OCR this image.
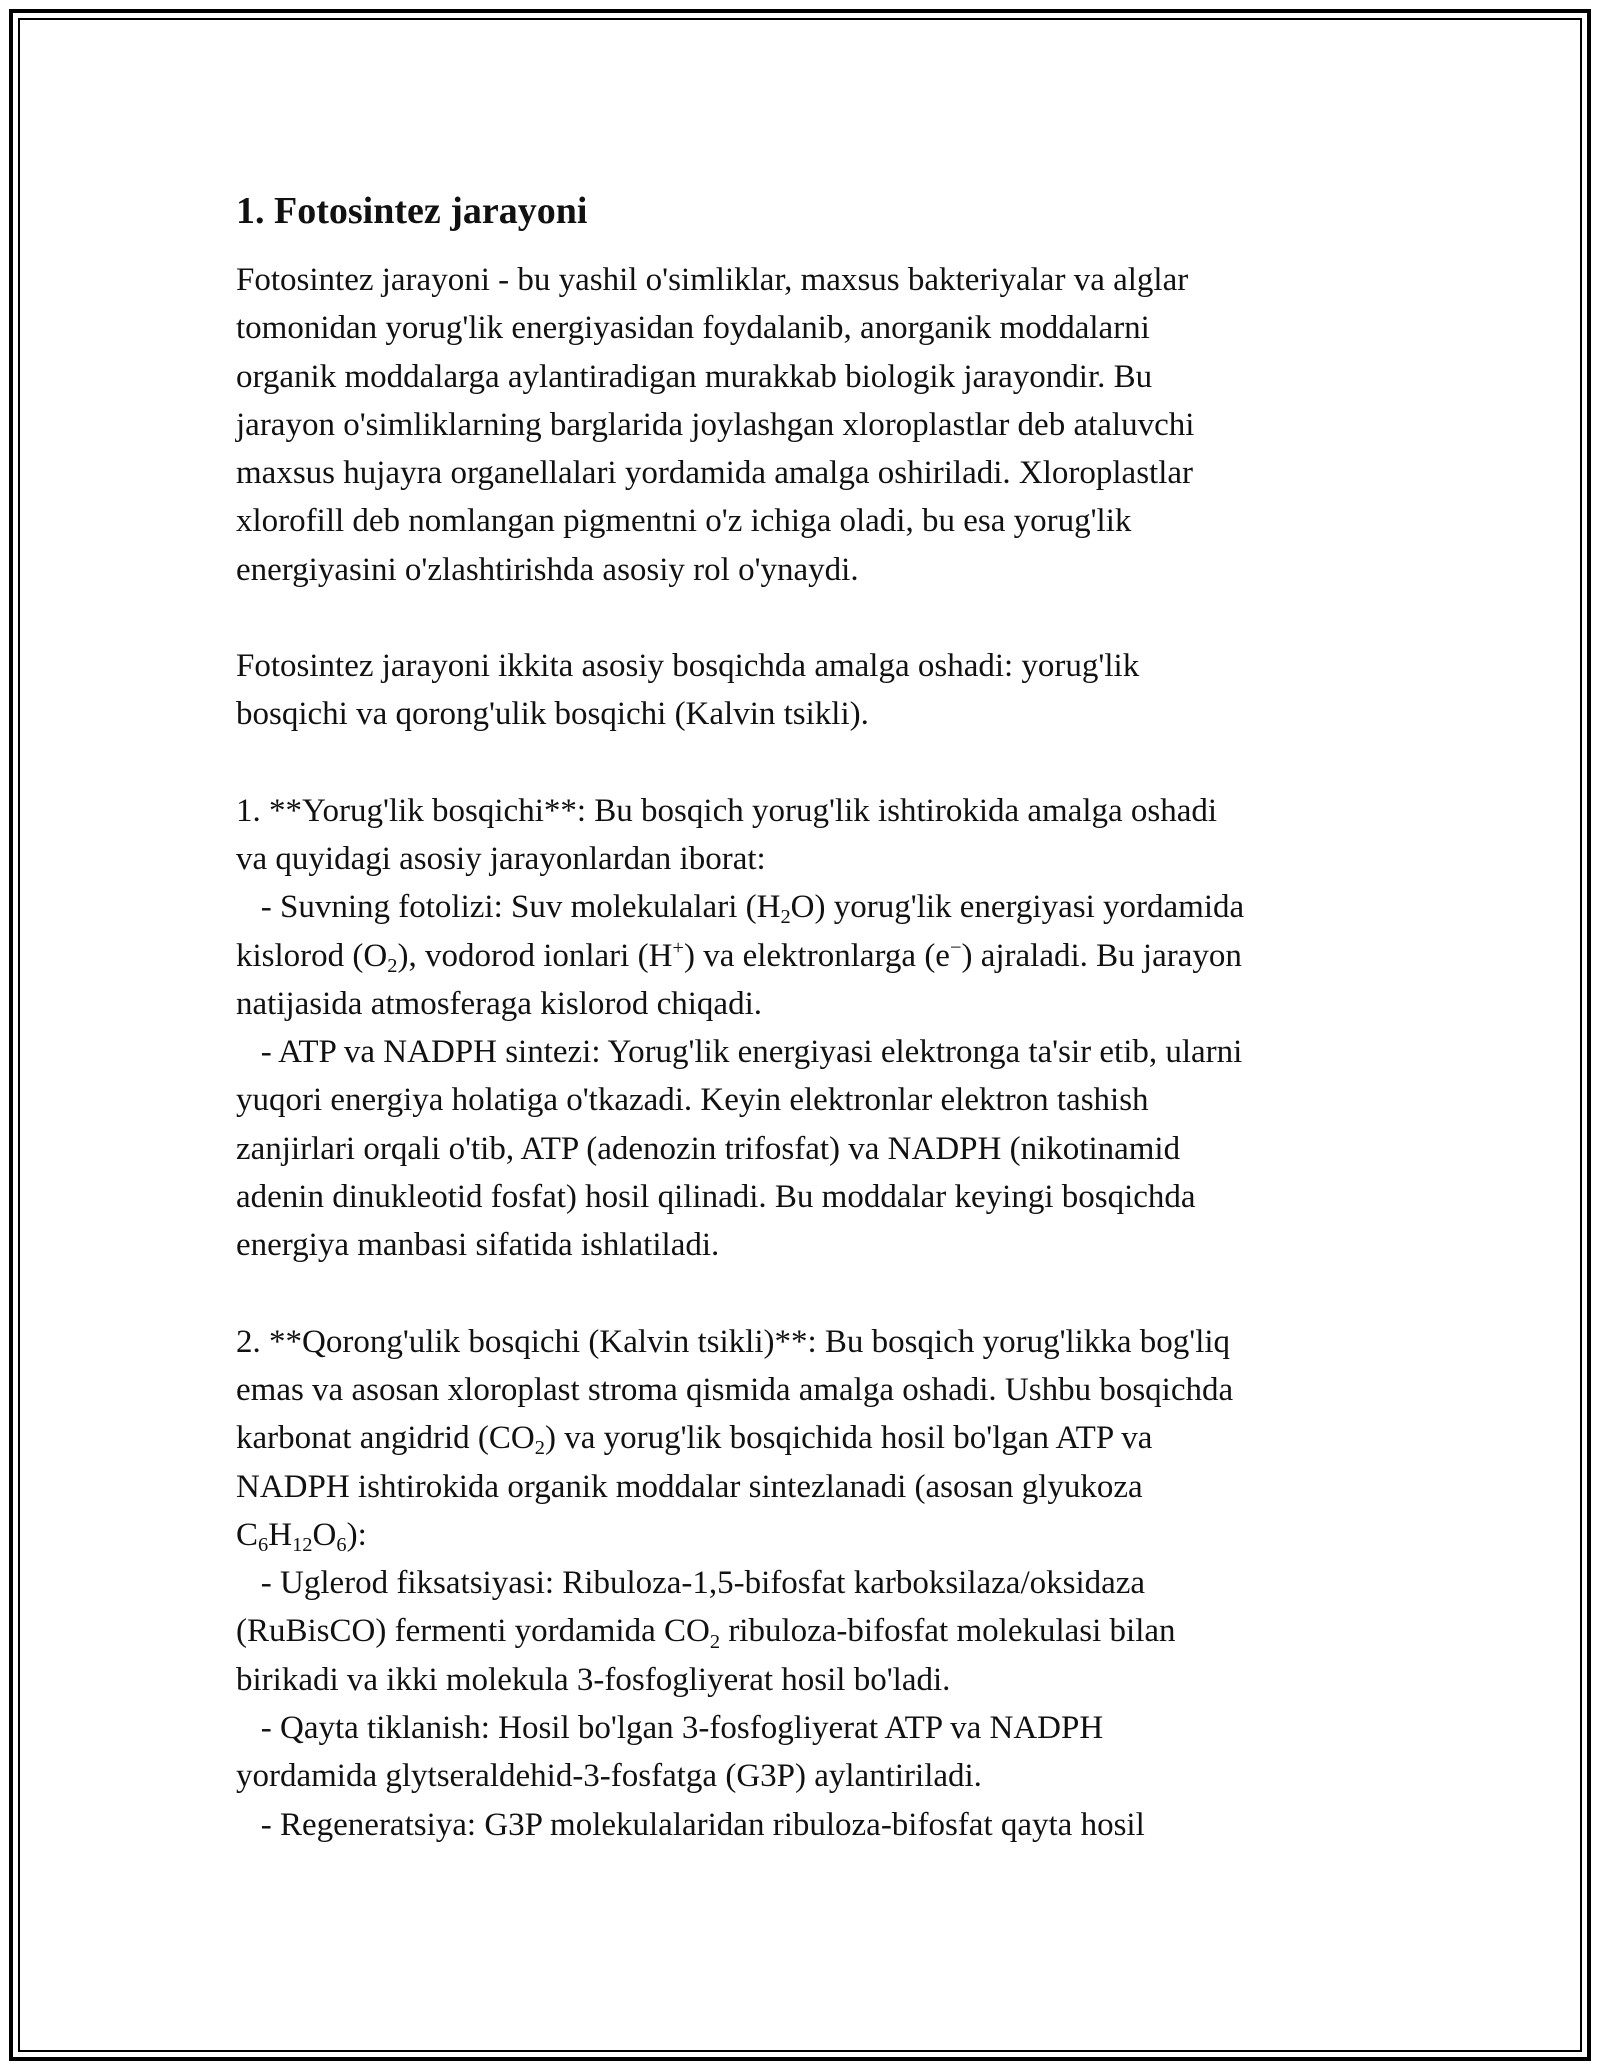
1. Fotosintez jarayoni
Fotosintez jarayoni - bu yashil o'simliklar, maxsus bakteriyalar va alglar
tomonidan yorug'lik energiyasidan foydalanib, anorganik moddalarni
organik moddalarga aylantiradigan murakkab biologik jarayondir. Bu
jarayon o'simliklarning barglarida joylashgan xloroplastlar deb ataluvchi
maxsus hujayra organellalari yordamida amalga oshiriladi. Xloroplastlar
xlorofill deb nomlangan pigmentni o'z ichiga oladi, bu esa yorug'lik
energiyasini o'zlashtirishda asosiy rol o'ynaydi.
Fotosintez jarayoni ikkita asosiy bosqichda amalga oshadi: yorug'lik
bosqichi va qorong'ulik bosqichi (Kalvin tsikli).
1. **Yorug'lik bosqichi**: Bu bosqich yorug'lik ishtirokida amalga oshadi
va quyidagi asosiy jarayonlardan iborat:
- Suvning fotolizi: Suv molekulalari $(H_2O)$ yorug'lik energiyasi yordamida
kislorod $(O_2)$, vodorod ionlari (H+) va elektronlarga (e−) ajraladi. Bu jarayon
natijasida atmosferaga kislorod chiqadi.
- ATP va NADPH sintezi: Yorug'lik energiyasi elektronga ta'sir etib, ularni
yuqori energiya holatiga o'tkazadi. Keyin elektronlar elektron tashish
zanjirlari orqali o'tib, ATP (adenozin trifosfat) va NADPH (nikotinamid
adenin dinukleotid fosfat) hosil qilinadi. Bu moddalar keyingi bosqichda
energiya manbasi sifatida ishlatiladi.
2. **Qorong'ulik bosqichi (Kalvin tsikli)**: Bu bosqich yorug'likka bog'liq
emas va asosan xloroplast stroma qismida amalga oshadi. Ushbu bosqichda
karbonat angidrid $(CO_2)$ va yorug'lik bosqichida hosil bo'lgan ATP va
NADPH ishtirokida organik moddalar sintezlanadi (asosan glyukoza
$C_6H_{12}O_6$):
- Uglerod fiksatsiyasi: Ribuloza-1,5-bifosfat karboksilaza/oksidaza
(RuBisCO) fermenti yordamida $CO_2$ ribuloza-bifosfat molekulasi bilan
birikadi va ikki molekula 3-fosfogliyerat hosil bo'ladi.
- Qayta tiklanish: Hosil bo'lgan 3-fosfogliyerat ATP va NADPH
yordamida glytseraldehid-3-fosfatga (G3P) aylantiriladi.
- Regeneratsiya: G3P molekulalaridan ribuloza-bifosfat qayta hosil
